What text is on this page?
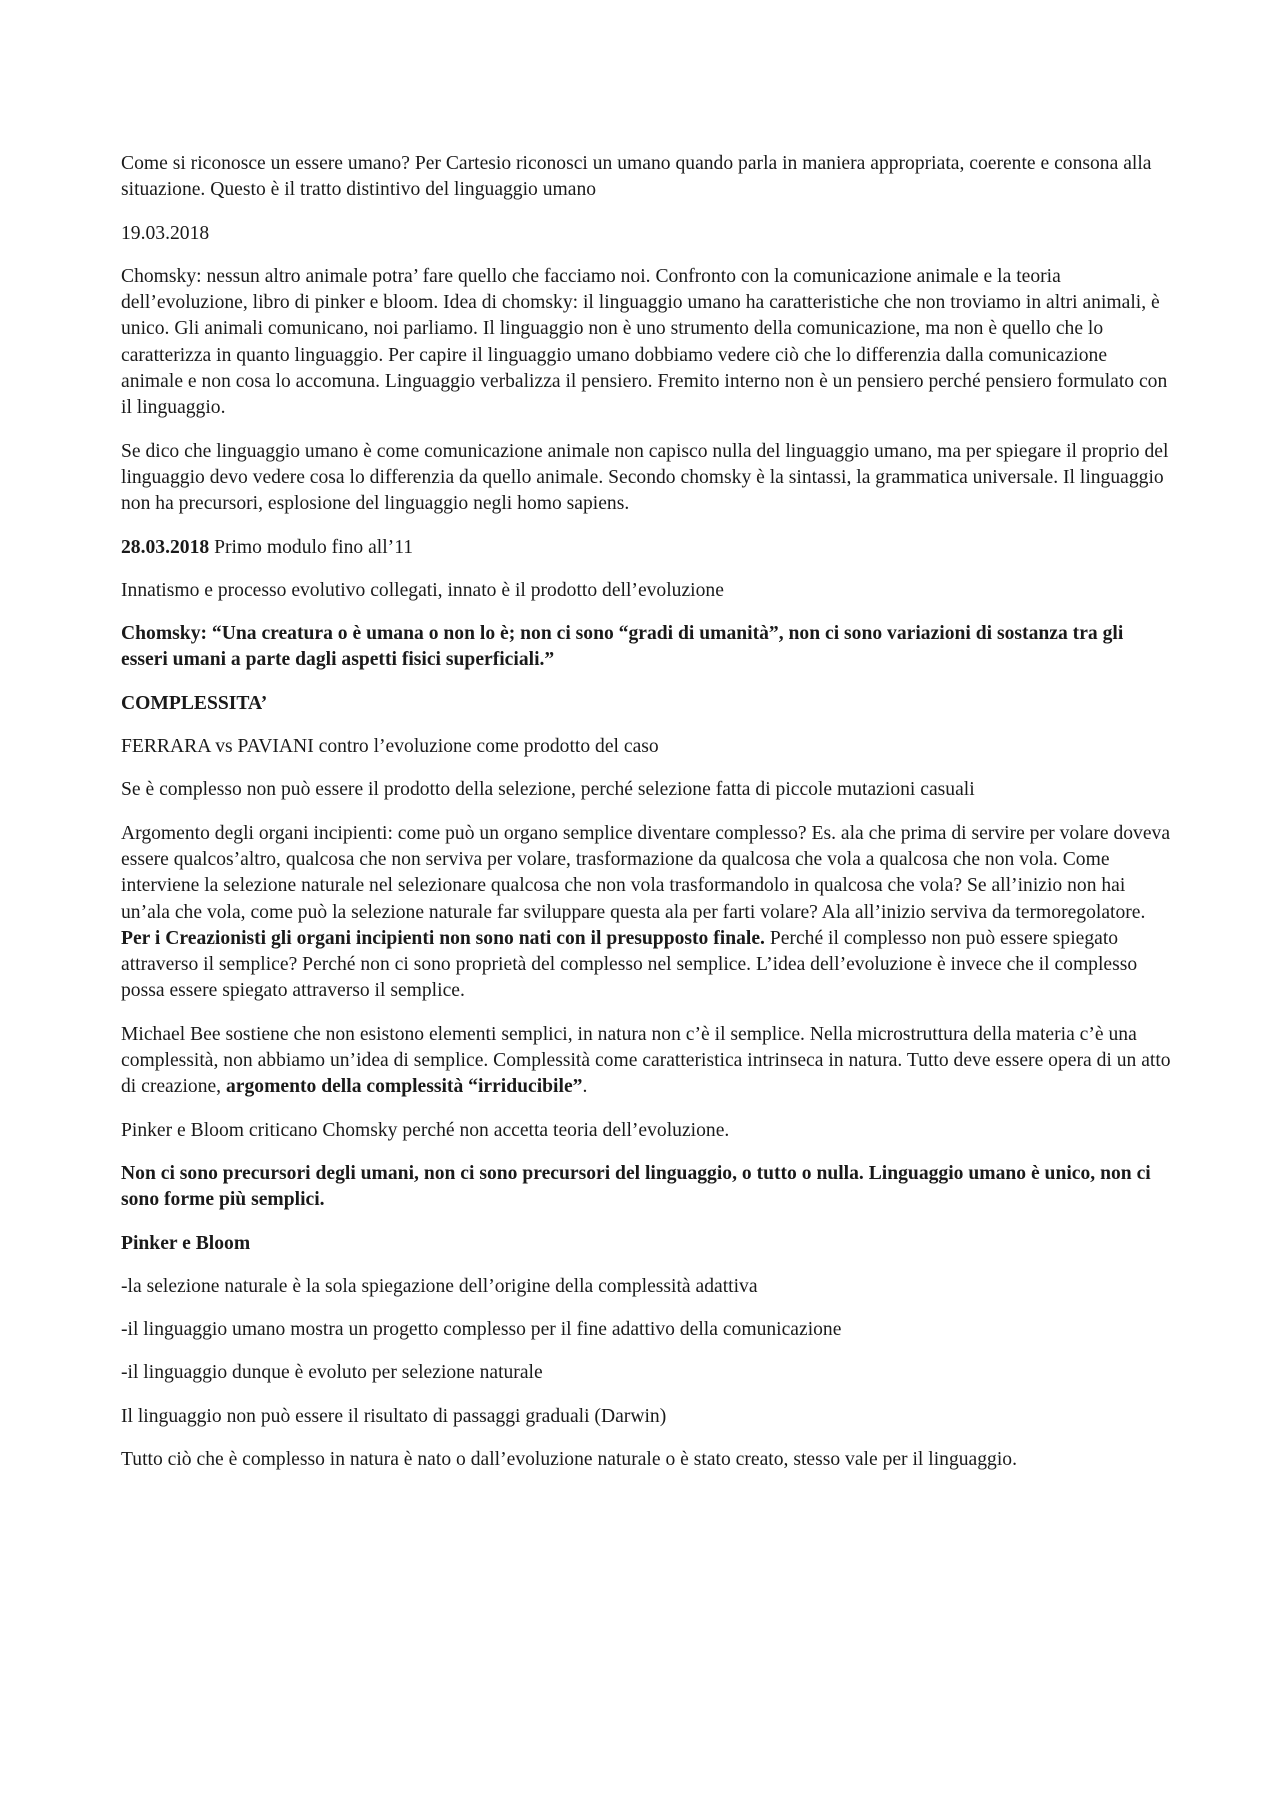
Come si riconosce un essere umano? Per Cartesio riconosci un umano quando parla in maniera appropriata, coerente e consona alla situazione. Questo è il tratto distintivo del linguaggio umano

19.03.2018

Chomsky: nessun altro animale potra’ fare quello che facciamo noi. Confronto con la comunicazione animale e la teoria dell’evoluzione, libro di pinker e bloom. Idea di chomsky: il linguaggio umano ha caratteristiche che non troviamo in altri animali, è unico. Gli animali comunicano, noi parliamo. Il linguaggio non è uno strumento della comunicazione, ma non è quello che lo caratterizza in quanto linguaggio. Per capire il linguaggio umano dobbiamo vedere ciò che lo differenzia dalla comunicazione animale e non cosa lo accomuna. Linguaggio verbalizza il pensiero. Fremito interno non è un pensiero perché pensiero formulato con il linguaggio.

Se dico che linguaggio umano è come comunicazione animale non capisco nulla del linguaggio umano, ma per spiegare il proprio del linguaggio devo vedere cosa lo differenzia da quello animale. Secondo chomsky è la sintassi, la grammatica universale. Il linguaggio non ha precursori, esplosione del linguaggio negli homo sapiens.

28.03.2018 Primo modulo fino all’11

Innatismo e processo evolutivo collegati, innato è il prodotto dell’evoluzione

Chomsky: “Una creatura o è umana o non lo è; non ci sono “gradi di umanità”, non ci sono variazioni di sostanza tra gli esseri umani a parte dagli aspetti fisici superficiali.”

COMPLESSITA’

FERRARA vs PAVIANI contro l’evoluzione come prodotto del caso

Se è complesso non può essere il prodotto della selezione, perché selezione fatta di piccole mutazioni casuali

Argomento degli organi incipienti: come può un organo semplice diventare complesso? Es. ala che prima di servire per volare doveva essere qualcos’altro, qualcosa che non serviva per volare, trasformazione da qualcosa che vola a qualcosa che non vola. Come interviene la selezione naturale nel selezionare qualcosa che non vola trasformandolo in qualcosa che vola? Se all’inizio non hai un’ala che vola, come può la selezione naturale far sviluppare questa ala per farti volare? Ala all’inizio serviva da termoregolatore. Per i Creazionisti gli organi incipienti non sono nati con il presupposto finale. Perché il complesso non può essere spiegato attraverso il semplice? Perché non ci sono proprietà del complesso nel semplice. L’idea dell’evoluzione è invece che il complesso possa essere spiegato attraverso il semplice.

Michael Bee sostiene che non esistono elementi semplici, in natura non c’è il semplice. Nella microstruttura della materia c’è una complessità, non abbiamo un’idea di semplice. Complessità come caratteristica intrinseca in natura. Tutto deve essere opera di un atto di creazione, argomento della complessità “irriducibile”.

Pinker e Bloom criticano Chomsky perché non accetta teoria dell’evoluzione.

Non ci sono precursori degli umani, non ci sono precursori del linguaggio, o tutto o nulla. Linguaggio umano è unico, non ci sono forme più semplici.

Pinker e Bloom

-la selezione naturale è la sola spiegazione dell’origine della complessità adattiva

-il linguaggio umano mostra un progetto complesso per il fine adattivo della comunicazione

-il linguaggio dunque è evoluto per selezione naturale

Il linguaggio non può essere il risultato di passaggi graduali (Darwin)

Tutto ciò che è complesso in natura è nato o dall’evoluzione naturale o è stato creato, stesso vale per il linguaggio.
